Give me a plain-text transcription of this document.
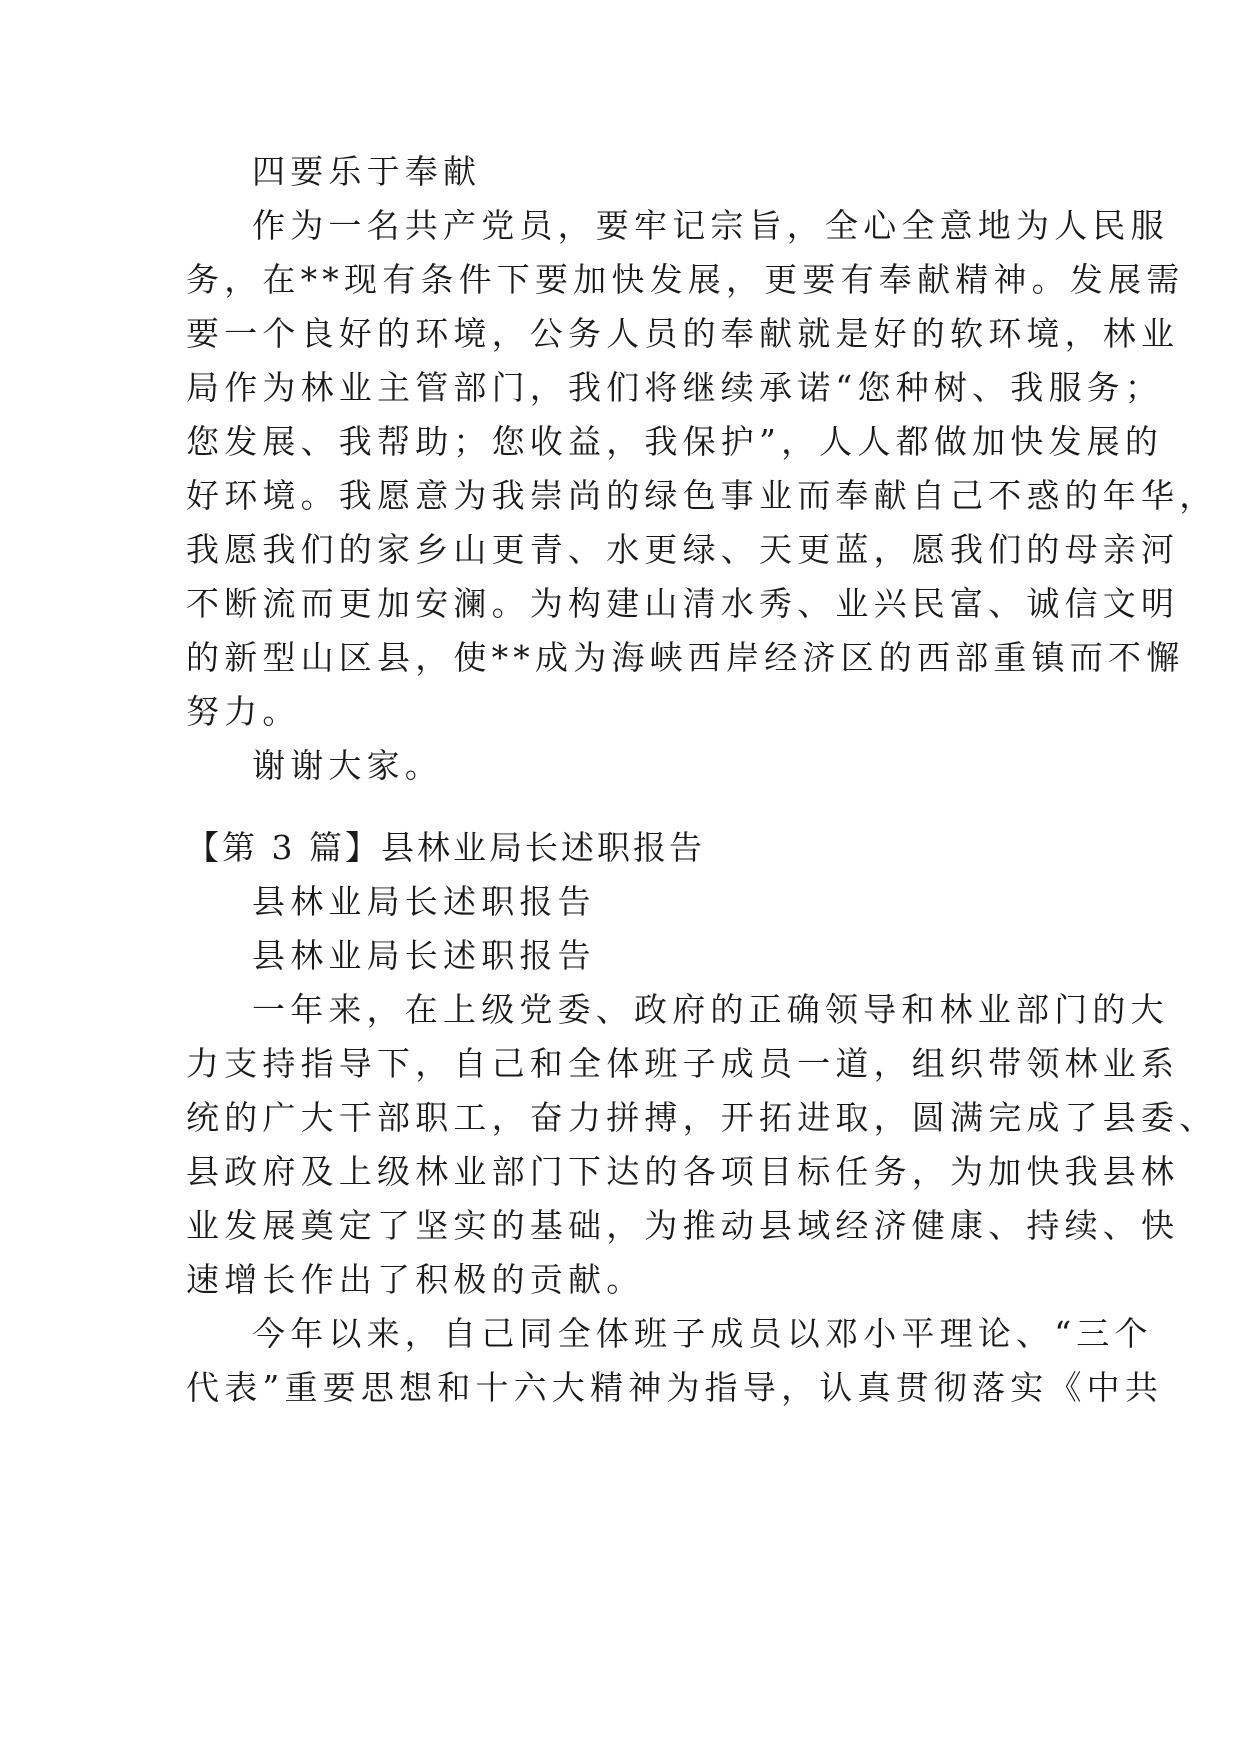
四要乐于奉献
作为一名共产党员，要牢记宗旨，全心全意地为人民服
务，在**现有条件下要加快发展，更要有奉献精神。发展需
要一个良好的环境，公务人员的奉献就是好的软环境，林业
局作为林业主管部门，我们将继续承诺“您种树、我服务；
您发展、我帮助；您收益，我保护”，人人都做加快发展的
好环境。我愿意为我崇尚的绿色事业而奉献自己不惑的年华，
我愿我们的家乡山更青、水更绿、天更蓝，愿我们的母亲河
不断流而更加安澜。为构建山清水秀、业兴民富、诚信文明
的新型山区县，使**成为海峡西岸经济区的西部重镇而不懈
努力。
谢谢大家。
【第 3 篇】县林业局长述职报告
县林业局长述职报告
县林业局长述职报告
一年来，在上级党委、政府的正确领导和林业部门的大
力支持指导下，自己和全体班子成员一道，组织带领林业系
统的广大干部职工，奋力拼搏，开拓进取，圆满完成了县委、
县政府及上级林业部门下达的各项目标任务，为加快我县林
业发展奠定了坚实的基础，为推动县域经济健康、持续、快
速增长作出了积极的贡献。
今年以来，自己同全体班子成员以邓小平理论、“三个
代表”重要思想和十六大精神为指导，认真贯彻落实《中共
